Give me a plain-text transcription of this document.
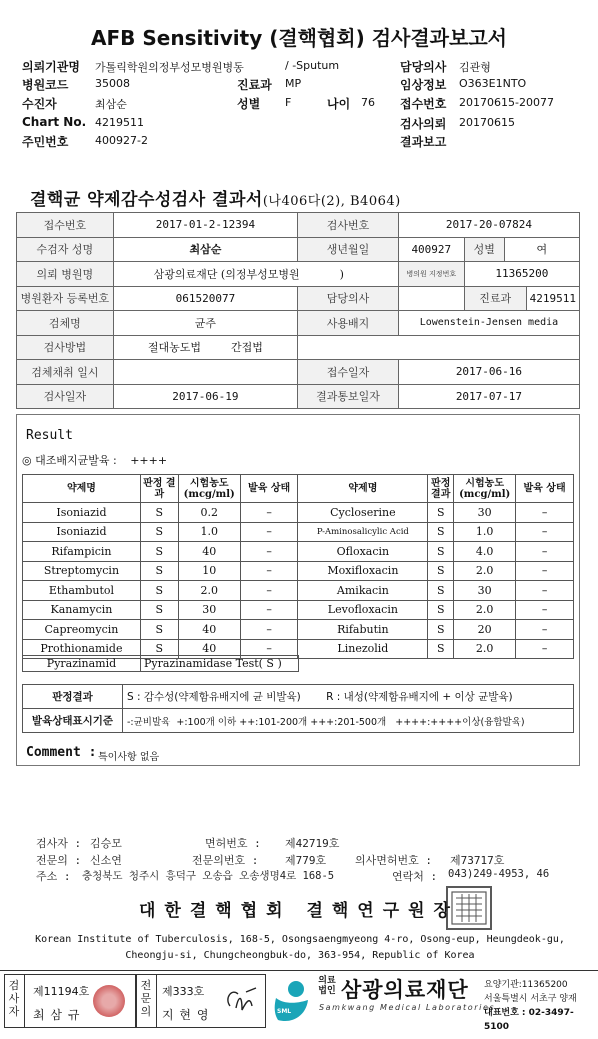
AFB Sensitivity (결핵협회) 검사결과보고서
의뢰기관명 가톨릭학원의정부성모병원병동	/ -Sputum	담당의사 김관형
병원코드 35008	진료과 MP	임상정보 O363E1NTO
수진자	최삼순	성별 F	나이 76 접수번호 20170615-20077
Chart No. 4219511	검사의뢰 20170615
주민번호 400927-2	결과보고
결핵균 약제감수성검사 결과서(나406다(2), B4064)
접수번호	2017-01-2-12394	검사번호	2017-20-07824			
수검자 성명	최삼순	생년월일	400927	성별	여	
의뢰 병원명	삼광의료재단 (의정부성모병원 )		병의원 지정번호	11365200		
병원환자 등록번호	061520077	담당의사		진료과		4219511
검체명	균주	사용배지	Lowenstein-Jensen media			
검사방법	절대농도법 간접법					
검체채취 일시		접수일자	2017-06-16			
검사일자	2017-06-19	결과통보일자	2017-07-17			
Result
◎ 대조배지균발육 : ++++
약제명	판정 결과	시험농도 (mcg/ml)	발육 상태	약제명	판정 결과	시험농도 (mcg/ml)	발육 상태
Isoniazid	S	0.2	–	Cycloserine	S	30	–
Isoniazid	S	1.0	–	P-Aminosalicylic Acid	S	1.0	–
Rifampicin	S	40	–	Ofloxacin	S	4.0	–
Streptomycin	S	10	–	Moxifloxacin	S	2.0	–
Ethambutol	S	2.0	–	Amikacin	S	30	–
Kanamycin	S	30	–	Levofloxacin	S	2.0	–
Capreomycin	S	40	–	Rifabutin	S	20	–
Prothionamide	S	40	–	Linezolid	S	2.0	–
Pyrazinamid	Pyrazinamidase Test( S )
판정결과	S : 감수성(약제함유배지에 균 비발육) R : 내성(약제함유배지에 + 이상 균발육)
발육상태표시기준	-:균비발육  +:100개 이하 ++:101-200개 +++:201-500개   ++++:++++이상(융합발육)
Comment : 특이사항 없음
검사자 : 김승모	면허번호 : 제42719호
전문의 : 신소연	전문의번호 : 제779호	의사면허번호 : 제73717호
주소 : 충청북도 청주시 흥덕구 오송읍 오송생명4로 168-5	연락처 : 043)249-4953, 46
대한결핵협회 결핵연구원장
Korean Institute of Tuberculosis, 168-5, Osongsaengmyeong 4-ro, Osong-eup, Heungdeok-gu,
Cheongju-si, Chungcheongbuk-do, 363-954, Republic of Korea
검사자
제11194호
최 삼 규
전문의
제333호
지 현 영	SML
의료법인 삼광의료재단
Samkwang Medical Laboratories
요양기관:11365200
서울특별시 서초구 양재
대표번호 : 02-3497-5100
